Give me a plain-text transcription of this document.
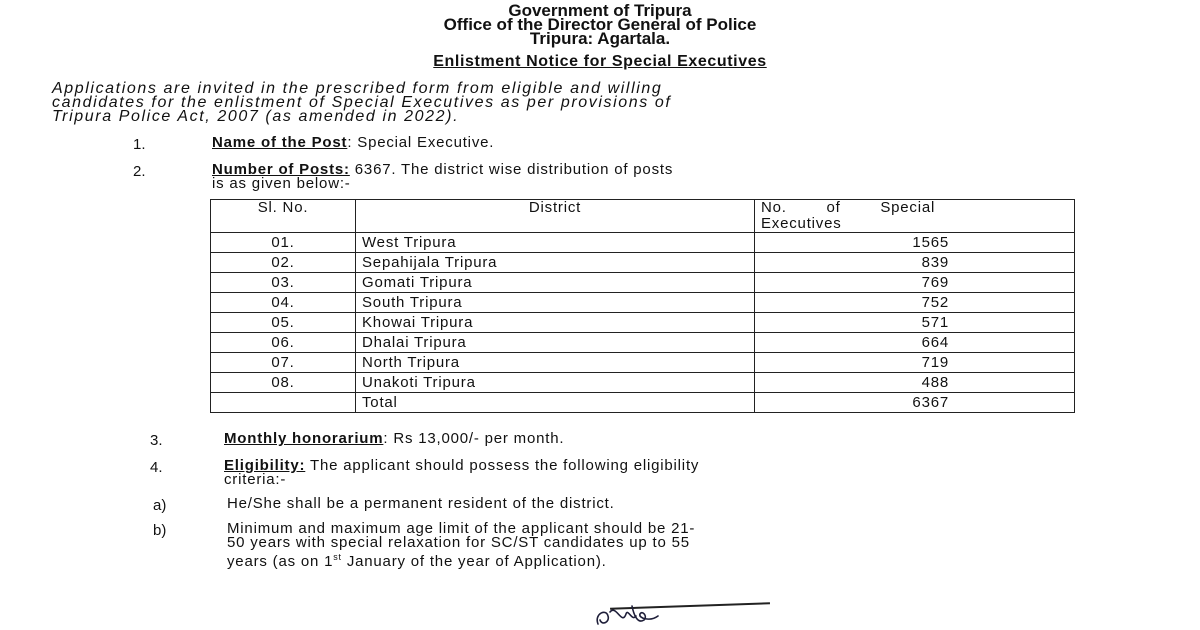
Government of Tripura
Office of the Director General of Police
Tripura: Agartala.
Enlistment Notice for Special Executives
Applications are invited in the prescribed form from eligible and willing
candidates for the enlistment of Special Executives as per provisions of
Tripura Police Act, 2007 (as amended in 2022).
1.	Name of the Post: Special Executive.
2.	Number of Posts: 6367. The district wise distribution of posts
is as given below:-
Sl. No.	District	No.        of        Special
Executives
01.	West Tripura	1565
02.	Sepahijala Tripura	839
03.	Gomati Tripura	769
04.	South Tripura	752
05.	Khowai Tripura	571
06.	Dhalai Tripura	664
07.	North Tripura	719
08.	Unakoti Tripura	488
	Total	6367
3.	Monthly honorarium: Rs 13,000/- per month.
4.	Eligibility: The applicant should possess the following eligibility
criteria:-
a)	He/She shall be a permanent resident of the district.
b)	Minimum and maximum age limit of the applicant should be 21-
50 years with special relaxation for SC/ST candidates up to 55
years (as on 1st January of the year of Application).
